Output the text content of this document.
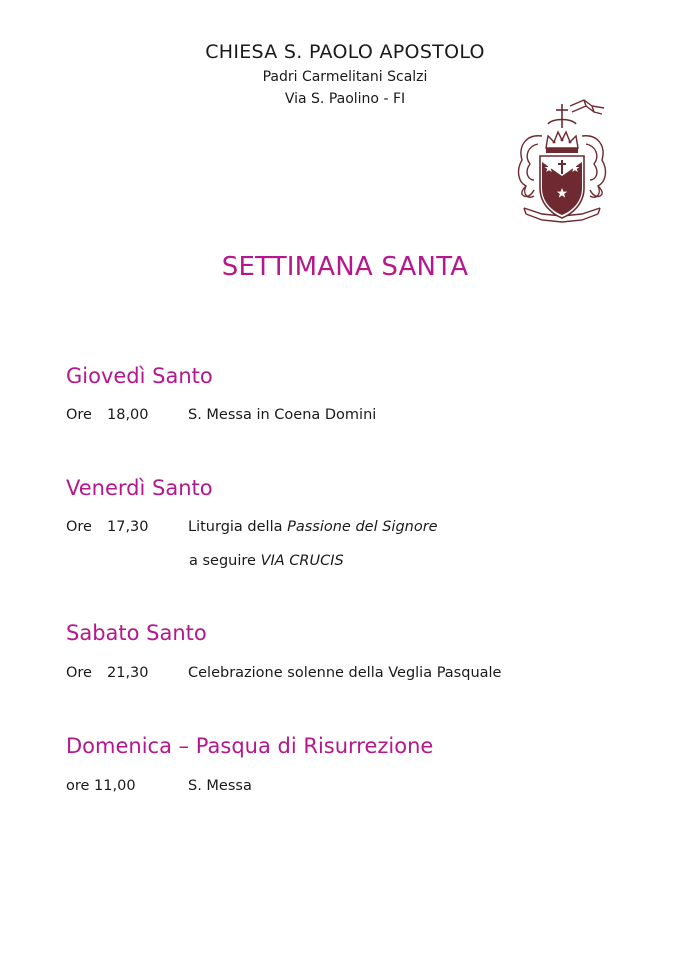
CHIESA S. PAOLO APOSTOLO
Padri Carmelitani Scalzi
Via S. Paolino - FI
SETTIMANA SANTA
Giovedì Santo
Ore 18,00	S. Messa in Coena Domini
Venerdì Santo
Ore 17,30	Liturgia della Passione del Signore
a seguire VIA CRUCIS
Sabato Santo
Ore 21,30	Celebrazione solenne della Veglia Pasquale
Domenica – Pasqua di Risurrezione
ore 11,00	S. Messa
